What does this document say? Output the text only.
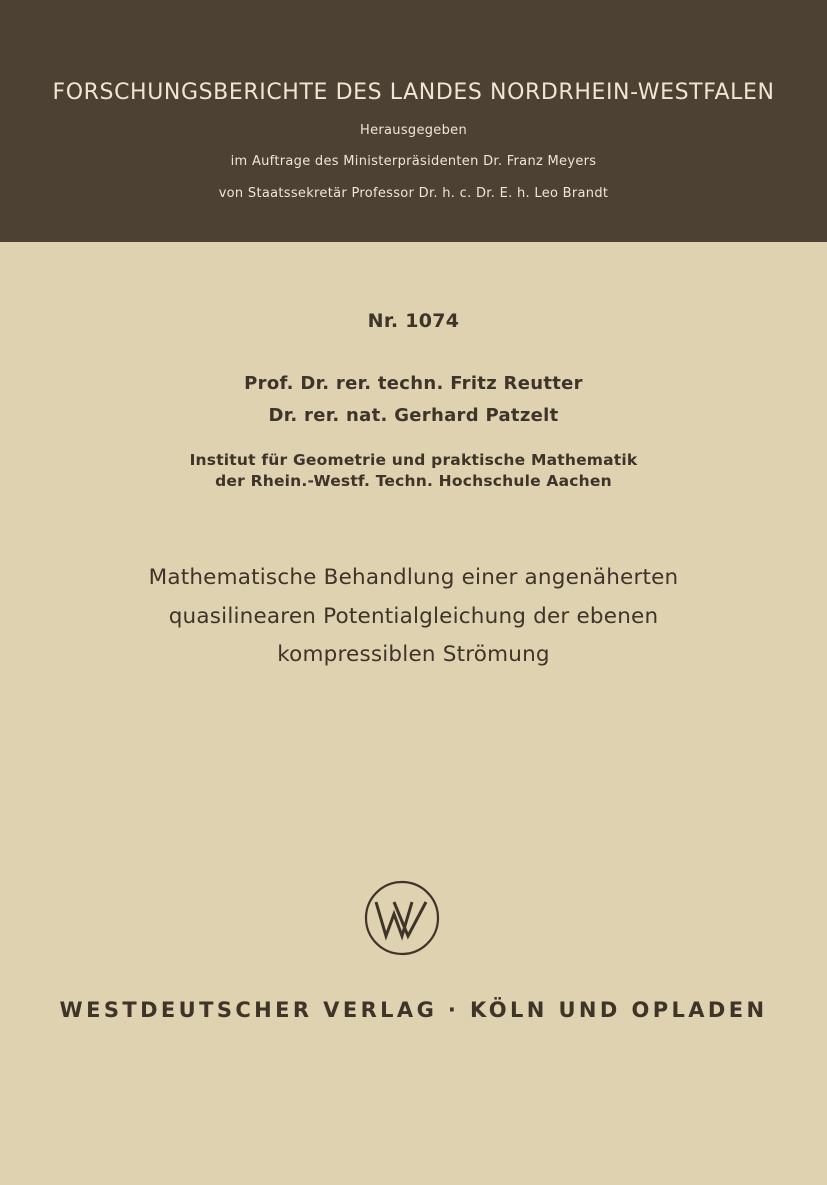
FORSCHUNGSBERICHTE DES LANDES NORDRHEIN-WESTFALEN
Herausgegeben
im Auftrage des Ministerpräsidenten Dr. Franz Meyers
von Staatssekretär Professor Dr. h. c. Dr. E. h. Leo Brandt
Nr. 1074
Prof. Dr. rer. techn. Fritz Reutter
Dr. rer. nat. Gerhard Patzelt
Institut für Geometrie und praktische Mathematik
der Rhein.-Westf. Techn. Hochschule Aachen
Mathematische Behandlung einer angenäherten
quasilinearen Potentialgleichung der ebenen
kompressiblen Strömung
WESTDEUTSCHER VERLAG · KÖLN UND OPLADEN
